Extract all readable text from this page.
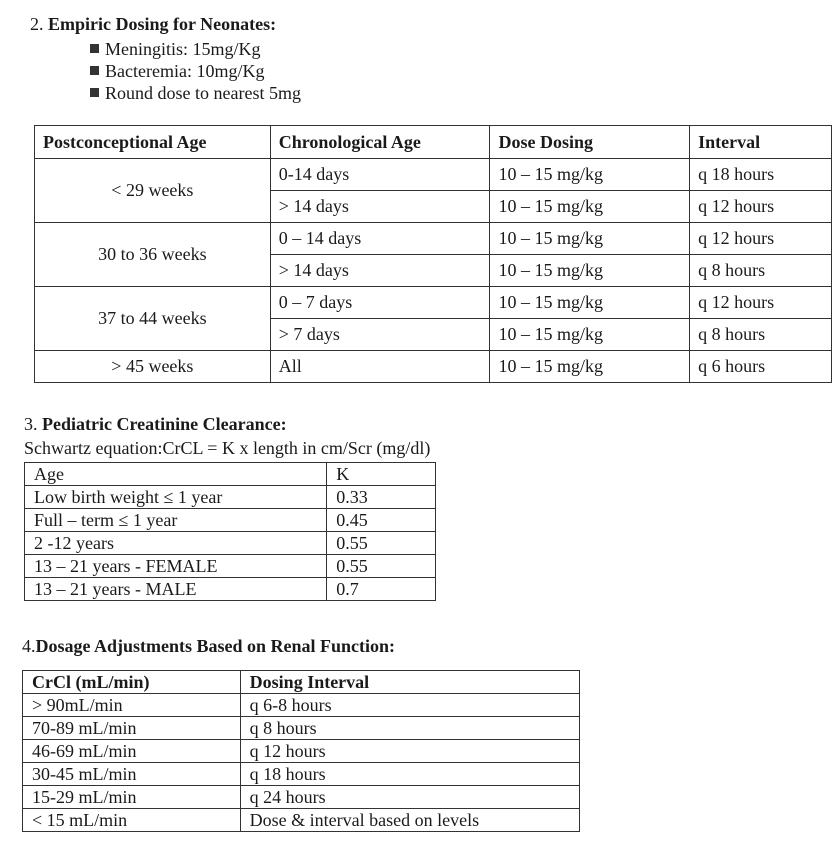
2. Empiric Dosing for Neonates:
Meningitis: 15mg/Kg
Bacteremia: 10mg/Kg
Round dose to nearest 5mg
Postconceptional Age	Chronological Age	Dose Dosing	Interval
< 29 weeks	0-14 days	10 – 15 mg/kg	q 18 hours
	> 14 days	10 – 15 mg/kg	q 12 hours
30 to 36 weeks	0 – 14 days	10 – 15 mg/kg	q 12 hours
	> 14 days	10 – 15 mg/kg	q 8 hours
37 to 44 weeks	0 – 7 days	10 – 15 mg/kg	q 12 hours
	> 7 days	10 – 15 mg/kg	q 8 hours
> 45 weeks	All	10 – 15 mg/kg	q 6 hours
3. Pediatric Creatinine Clearance:
Schwartz equation:CrCL = K x length in cm/Scr (mg/dl)
Age	K
Low birth weight ≤ 1 year	0.33
Full – term ≤ 1 year	0.45
2 -12 years	0.55
13 – 21 years - FEMALE	0.55
13 – 21 years - MALE	0.7
4.Dosage Adjustments Based on Renal Function:
CrCl (mL/min)	Dosing Interval
> 90mL/min	q 6-8 hours
70-89 mL/min	q 8 hours
46-69 mL/min	q 12 hours
30-45 mL/min	q 18 hours
15-29 mL/min	q 24 hours
< 15 mL/min	Dose & interval based on levels
